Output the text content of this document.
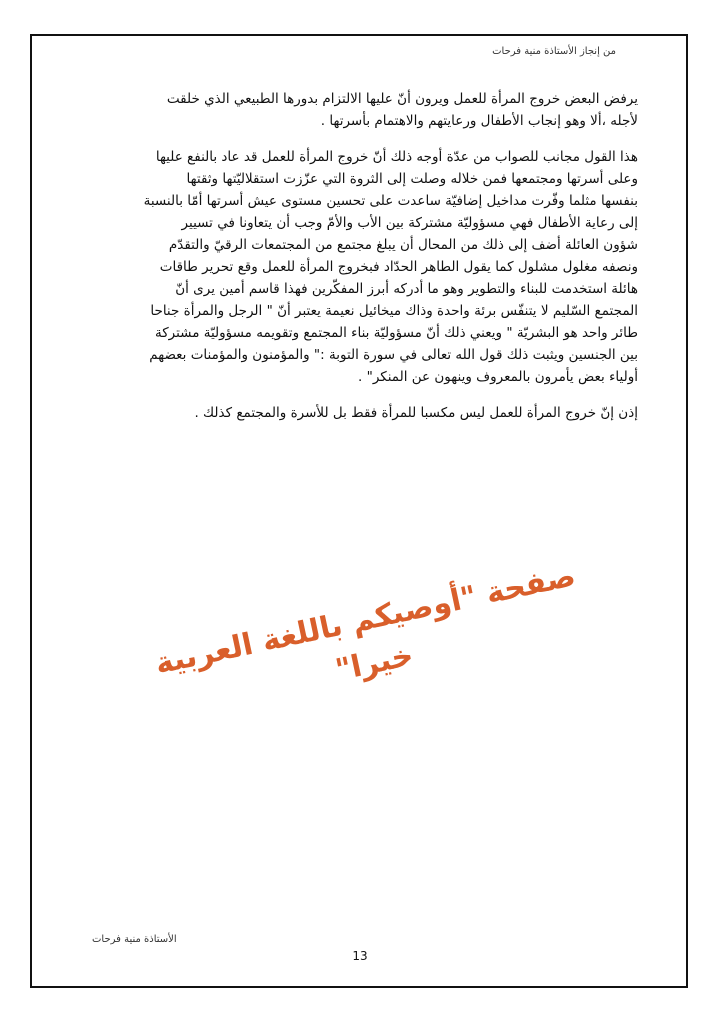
من إنجاز الأستاذة منية فرحات

يرفض البعض خروج المرأة للعمل ويرون أنّ عليها الالتزام بدورها الطبيعي الذي خلقت
لأجله ،ألا وهو إنجاب الأطفال ورعايتهم والاهتمام بأسرتها .

هذا القول مجانب للصواب من عدّة أوجه ذلك أنّ خروج المرأة للعمل قد عاد بالنفع عليها
وعلى أسرتها ومجتمعها فمن خلاله وصلت إلى الثروة التي عزّزت استقلاليّتها وثقتها
بنفسها مثلما وفّرت مداخيل إضافيّة ساعدت على تحسين مستوى عيش أسرتها أمّا بالنسبة
إلى رعاية الأطفال فهي مسؤوليّة مشتركة بين الأب والأمّ وجب أن يتعاونا في تسيير
شؤون العائلة أضف إلى ذلك من المحال أن يبلغ مجتمع من المجتمعات الرقيّ والتقدّم
ونصفه مغلول مشلول كما يقول الطاهر الحدّاد فبخروج المرأة للعمل وقع تحرير طاقات
هائلة استخدمت للبناء والتطوير وهو ما أدركه أبرز المفكّرين فهذا قاسم أمين يرى أنّ
المجتمع السّليم لا يتنفّس برئة واحدة وذاك ميخائيل نعيمة يعتبر أنّ " الرجل والمرأة جناحا
طائر واحد هو البشريّة " ويعني ذلك أنّ مسؤوليّة بناء المجتمع وتقويمه مسؤوليّة مشتركة
بين الجنسين ويثبت ذلك قول الله تعالى في سورة التوبة :" والمؤمنون والمؤمنات بعضهم
أولياء بعض يأمرون بالمعروف وينهون عن المنكر" .

إذن إنّ خروج المرأة للعمل ليس مكسبا للمرأة فقط بل للأسرة والمجتمع كذلك .

صفحة "أوصيكم باللغة العربية خيرا"
الأستاذة منية فرحات
13
